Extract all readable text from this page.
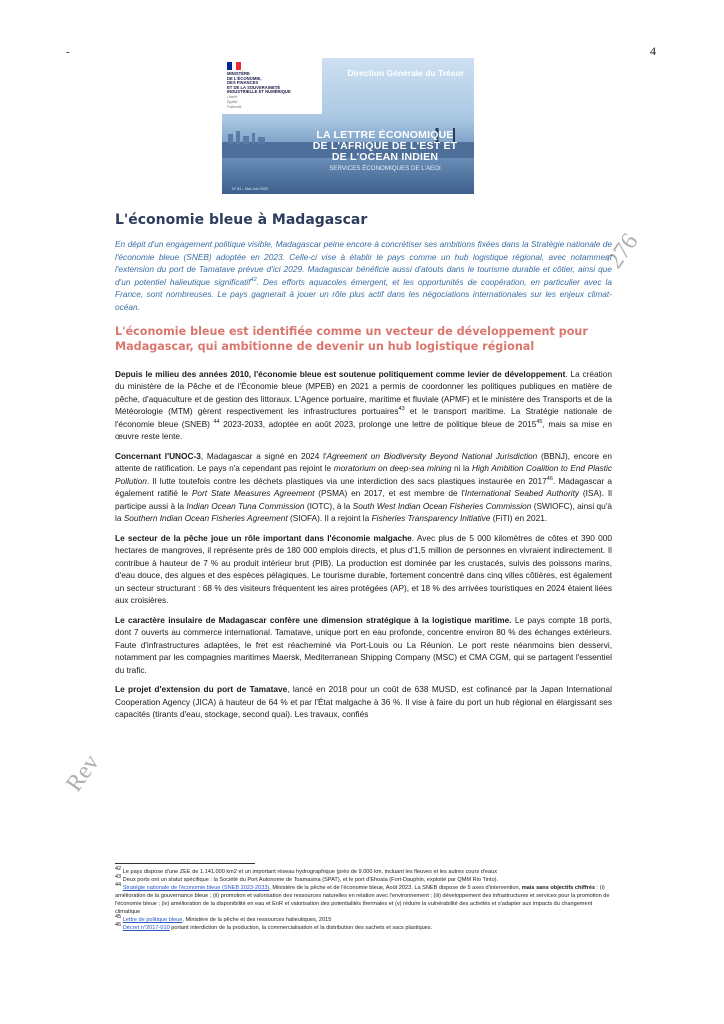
-	4
MINISTÈRE
DE L'ÉCONOMIE,
DES FINANCES
ET DE LA SOUVERAINETÉ
INDUSTRIELLE ET NUMÉRIQUE
Liberté
Égalité
Fraternité
Direction Générale du Trésor
LA LETTRE ÉCONOMIQUE
DE L'AFRIQUE DE L'EST ET
DE L'OCEAN INDIEN
SERVICES ÉCONOMIQUES DE L'AEOI
N° 64 – Mai-Juin 2025
276
Rev
L'économie bleue à Madagascar

En dépit d'un engagement politique visible, Madagascar peine encore à concrétiser ses ambitions fixées dans la Stratégie nationale de l'économie bleue (SNEB) adoptée en 2023. Celle-ci vise à établir le pays comme un hub logistique régional, avec notamment l'extension du port de Tamatave prévue d'ici 2029. Madagascar bénéficie aussi d'atouts dans le tourisme durable et côtier, ainsi que d'un potentiel halieutique significatif$^{42}$. Des efforts aquacoles émergent, et les opportunités de coopération, en particulier avec la France, sont nombreuses. Le pays gagnerait à jouer un rôle plus actif dans les négociations internationales sur les enjeux climat-océan.

L'économie bleue est identifiée comme un vecteur de développement pour Madagascar, qui ambitionne de devenir un hub logistique régional

Depuis le milieu des années 2010, l'économie bleue est soutenue politiquement comme levier de développement. La création du ministère de la Pêche et de l'Économie bleue (MPEB) en 2021 a permis de coordonner les politiques publiques en matière de pêche, d'aquaculture et de gestion des littoraux. L'Agence portuaire, maritime et fluviale (APMF) et le ministère des Transports et de la Météorologie (MTM) gèrent respectivement les infrastructures portuaires$^{43}$ et le transport maritime. La Stratégie nationale de l'économie bleue (SNEB) $^{44}$ 2023-2033, adoptée en août 2023, prolonge une lettre de politique bleue de 2015$^{45}$, mais sa mise en œuvre reste lente.

Concernant l'UNOC-3, Madagascar a signé en 2024 l'Agreement on Biodiversity Beyond National Jurisdiction (BBNJ), encore en attente de ratification. Le pays n'a cependant pas rejoint le moratorium on deep-sea mining ni la High Ambition Coalition to End Plastic Pollution. Il lutte toutefois contre les déchets plastiques via une interdiction des sacs plastiques instaurée en 2017$^{46}$. Madagascar a également ratifié le Port State Measures Agreement (PSMA) en 2017, et est membre de l'International Seabed Authority (ISA). Il participe aussi à la Indian Ocean Tuna Commission (IOTC), à la South West Indian Ocean Fisheries Commission (SWIOFC), ainsi qu'à la Southern Indian Ocean Fisheries Agreement (SIOFA). Il a rejoint la Fisheries Transparency Initiative (FiTI) en 2021.

Le secteur de la pêche joue un rôle important dans l'économie malgache. Avec plus de 5 000 kilomètres de côtes et 390 000 hectares de mangroves, il représente près de 180 000 emplois directs, et plus d'1,5 million de personnes en vivraient indirectement. Il contribue à hauteur de 7 % au produit intérieur brut (PIB). La production est dominée par les crustacés, suivis des poissons marins, d'eau douce, des algues et des espèces pélagiques. Le tourisme durable, fortement concentré dans cinq villes côtières, est également un secteur structurant : 68 % des visiteurs fréquentent les aires protégées (AP), et 18 % des arrivées touristiques en 2024 étaient liées aux croisières.

Le caractère insulaire de Madagascar confère une dimension stratégique à la logistique maritime. Le pays compte 18 ports, dont 7 ouverts au commerce international. Tamatave, unique port en eau profonde, concentre environ 80 % des échanges extérieurs. Faute d'infrastructures adaptées, le fret est réacheminé via Port-Louis ou La Réunion. Le port reste néanmoins bien desservi, notamment par les compagnies maritimes Maersk, Mediterranean Shipping Company (MSC) et CMA CGM, qui se partagent l'essentiel du trafic.

Le projet d'extension du port de Tamatave, lancé en 2018 pour un coût de 638 MUSD, est cofinancé par la Japan International Cooperation Agency (JICA) à hauteur de 64 % et par l'État malgache à 36 %. Il vise à faire du port un hub régional en élargissant ses capacités (tirants d'eau, stockage, second quai). Les travaux, confiés

$^{42}$ Le pays dispose d'une ZEE de 1.141.000 km2 et un important réseau hydrographique (près de 9.000 km, incluant les fleuves et les autres cours d'eaux
$^{43}$ Deux ports ont un statut spécifique : la Société du Port Autonome de Toamasina (SPAT), et le port d'Ehoala (Fort-Dauphin, exploité par QMM Rio Tinto).
$^{44}$ Stratégie nationale de l'économie bleue (SNEB 2023-2033), Ministère de la pêche et de l'économie bleue, Août 2023. La SNEB dispose de 5 axes d'intervention, mais sans objectifs chiffrés : (i) amélioration de la gouvernance bleue ; (ii) promotion et valorisation des ressources naturelles en relation avec l'environnement ; (iii) développement des infrastructures et services pour la promotion de l'économie bleue ; (iv) amélioration de la disponibilité en eau et EnR et valorisation des potentialités thermales et (v) réduire la vulnérabilité des activités et s'adapter aux impacts du changement climatique
$^{45}$ Lettre de politique bleue, Ministère de la pêche et des ressources halieutiques, 2015
$^{46}$ Décret n°2017-010 portant interdiction de la production, la commercialisation et la distribution des sachets et sacs plastiques.
